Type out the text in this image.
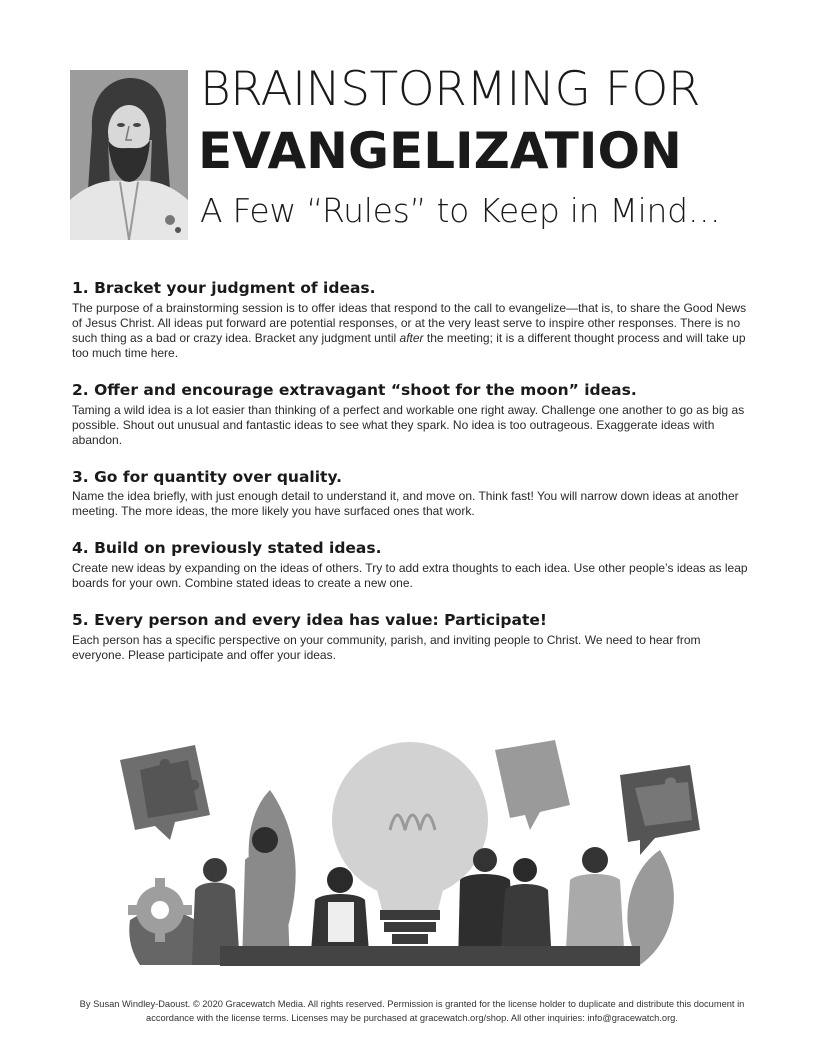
BRAINSTORMING FOR
EVANGELIZATION
A Few “Rules” to Keep in Mind…
1. Bracket your judgment of ideas.

The purpose of a brainstorming session is to offer ideas that respond to the call to evangelize—that is, to share the Good News of Jesus Christ. All ideas put forward are potential responses, or at the very least serve to inspire other responses. There is no such thing as a bad or crazy idea. Bracket any judgment until after the meeting; it is a different thought process and will take up too much time here.

2. Offer and encourage extravagant “shoot for the moon” ideas.

Taming a wild idea is a lot easier than thinking of a perfect and workable one right away. Challenge one another to go as big as possible. Shout out unusual and fantastic ideas to see what they spark. No idea is too outrageous. Exaggerate ideas with abandon.

3. Go for quantity over quality.

Name the idea briefly, with just enough detail to understand it, and move on. Think fast! You will narrow down ideas at another meeting. The more ideas, the more likely you have surfaced ones that work.

4. Build on previously stated ideas.

Create new ideas by expanding on the ideas of others. Try to add extra thoughts to each idea. Use other people’s ideas as leap boards for your own. Combine stated ideas to create a new one.

5. Every person and every idea has value: Participate!

Each person has a specific perspective on your community, parish, and inviting people to Christ. We need to hear from everyone. Please participate and offer your ideas.

By Susan Windley-Daoust. © 2020 Gracewatch Media. All rights reserved. Permission is granted for the license holder to duplicate and distribute this document in accordance with the license terms. Licenses may be purchased at gracewatch.org/shop. All other inquiries: info@gracewatch.org.
